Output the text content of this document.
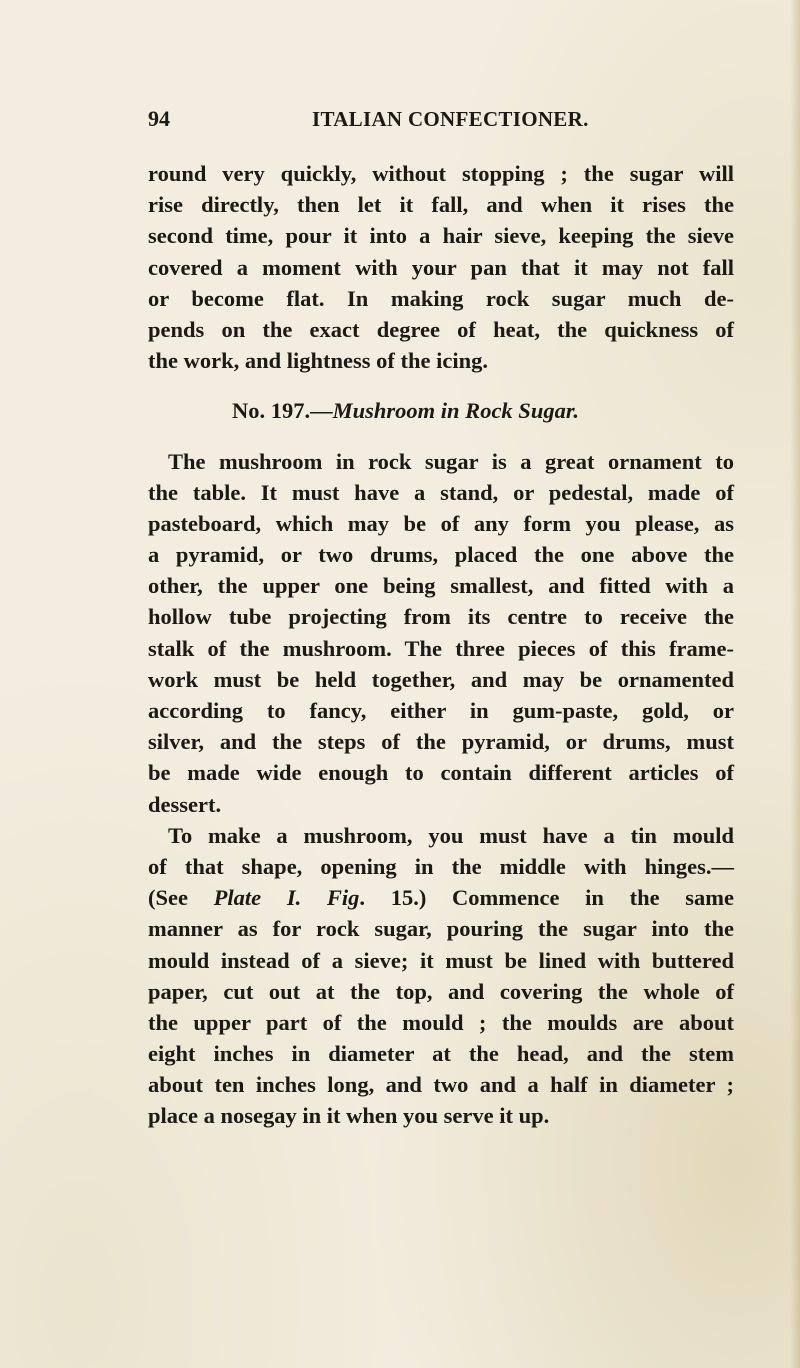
94	ITALIAN CONFECTIONER.
round very quickly, without stopping ; the sugar will
rise directly, then let it fall, and when it rises the
second time, pour it into a hair sieve, keeping the sieve
covered a moment with your pan that it may not fall
or become flat. In making rock sugar much de-
pends on the exact degree of heat, the quickness of
the work, and lightness of the icing.
No. 197.—Mushroom in Rock Sugar.
The mushroom in rock sugar is a great ornament to
the table. It must have a stand, or pedestal, made of
pasteboard, which may be of any form you please, as
a pyramid, or two drums, placed the one above the
other, the upper one being smallest, and fitted with a
hollow tube projecting from its centre to receive the
stalk of the mushroom. The three pieces of this frame-
work must be held together, and may be ornamented
according to fancy, either in gum-paste, gold, or
silver, and the steps of the pyramid, or drums, must
be made wide enough to contain different articles of
dessert.
To make a mushroom, you must have a tin mould
of that shape, opening in the middle with hinges.—
(See Plate I. Fig. 15.) Commence in the same
manner as for rock sugar, pouring the sugar into the
mould instead of a sieve; it must be lined with buttered
paper, cut out at the top, and covering the whole of
the upper part of the mould ; the moulds are about
eight inches in diameter at the head, and the stem
about ten inches long, and two and a half in diameter ;
place a nosegay in it when you serve it up.
